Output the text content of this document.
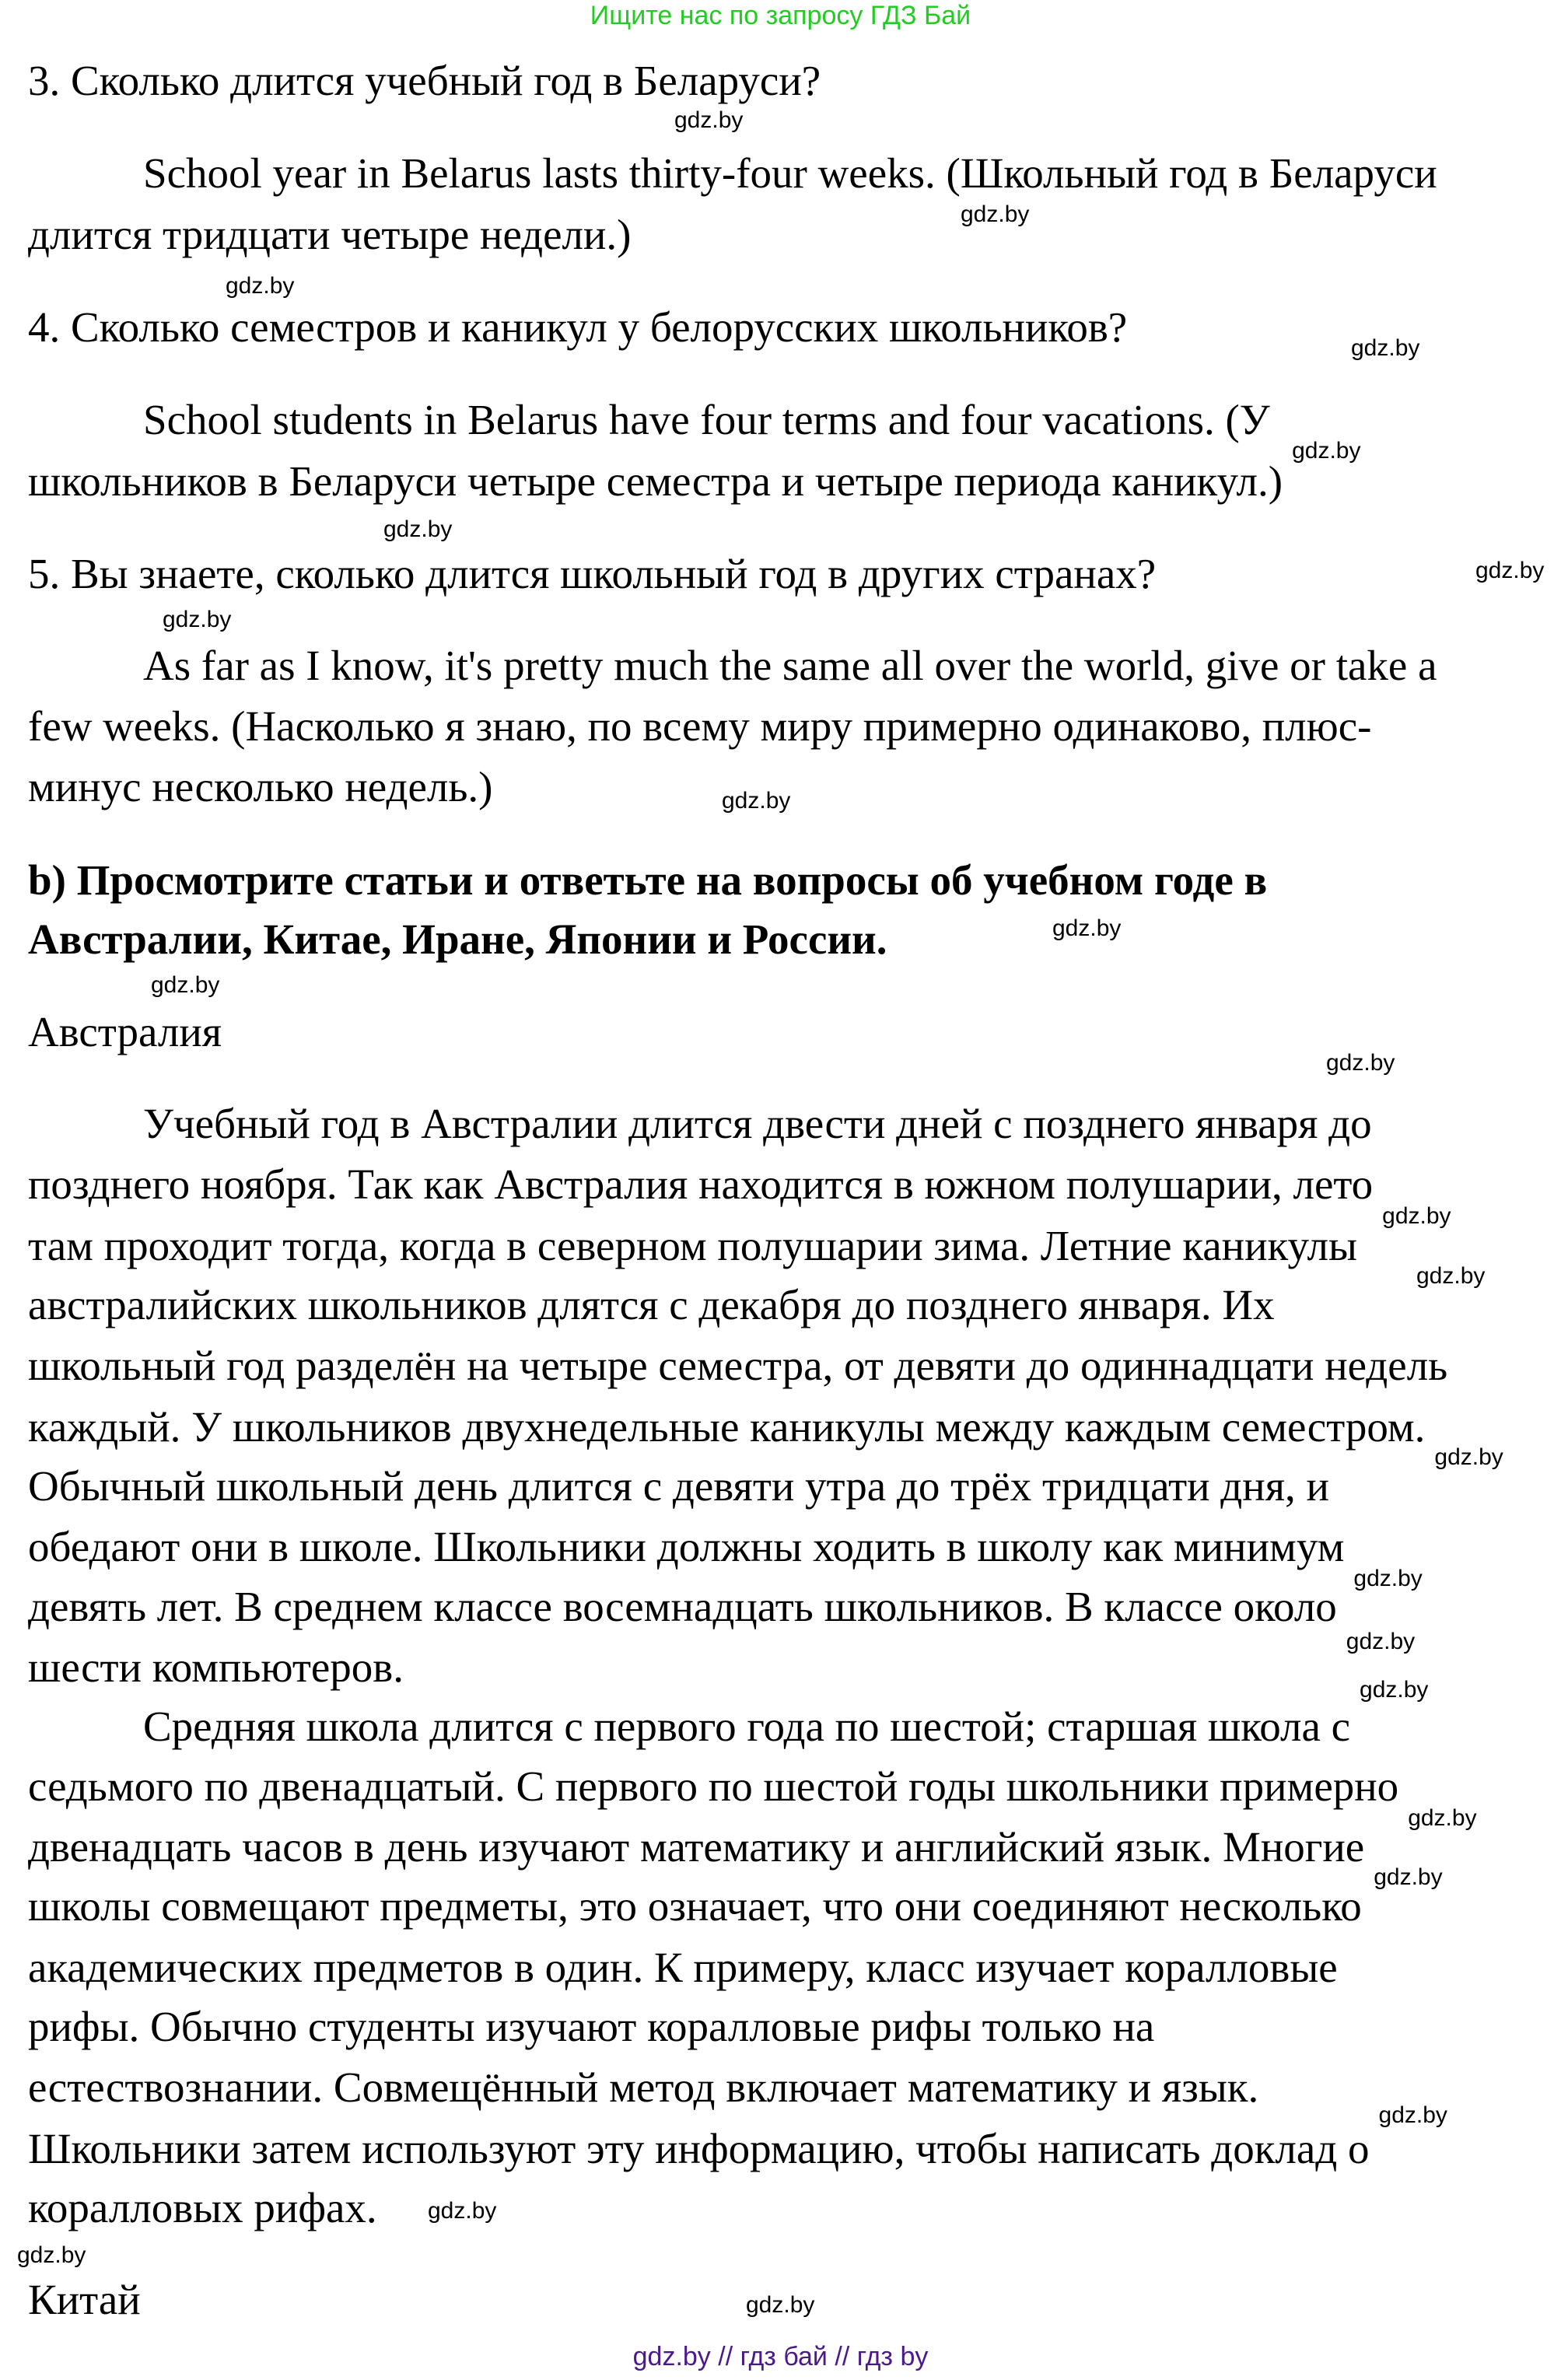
Ищите нас по запросу ГДЗ Бай
3. Сколько длится учебный год в Беларуси?
School year in Belarus lasts thirty-four weeks. (Школьный год в Беларуси
длится тридцати четыре недели.)
4. Сколько семестров и каникул у белорусских школьников?
School students in Belarus have four terms and four vacations. (У
школьников в Беларуси четыре семестра и четыре периода каникул.)
5. Вы знаете, сколько длится школьный год в других странах?
As far as I know, it's pretty much the same all over the world, give or take a
few weeks. (Насколько я знаю, по всему миру примерно одинаково, плюс-
минус несколько недель.)
b) Просмотрите статьи и ответьте на вопросы об учебном годе в
Австралии, Китае, Иране, Японии и России.
Австралия
Учебный год в Австралии длится двести дней с позднего января до
позднего ноября. Так как Австралия находится в южном полушарии, лето
там проходит тогда, когда в северном полушарии зима. Летние каникулы
австралийских школьников длятся с декабря до позднего января. Их
школьный год разделён на четыре семестра, от девяти до одиннадцати недель
каждый. У школьников двухнедельные каникулы между каждым семестром.
Обычный школьный день длится с девяти утра до трёх тридцати дня, и
обедают они в школе. Школьники должны ходить в школу как минимум
девять лет. В среднем классе восемнадцать школьников. В классе около
шести компьютеров.
Средняя школа длится с первого года по шестой; старшая школа с
седьмого по двенадцатый. С первого по шестой годы школьники примерно
двенадцать часов в день изучают математику и английский язык. Многие
школы совмещают предметы, это означает, что они соединяют несколько
академических предметов в один. К примеру, класс изучает коралловые
рифы. Обычно студенты изучают коралловые рифы только на
естествознании. Совмещённый метод включает математику и язык.
Школьники затем используют эту информацию, чтобы написать доклад о
коралловых рифах.
Китай
gdz.by
gdz.by
gdz.by
gdz.by
gdz.by
gdz.by
gdz.by
gdz.by
gdz.by
gdz.by
gdz.by
gdz.by
gdz.by
gdz.by
gdz.by
gdz.by
gdz.by
gdz.by
gdz.by
gdz.by
gdz.by
gdz.by
gdz.by
gdz.by
gdz.by // гдз бай // гдз by
